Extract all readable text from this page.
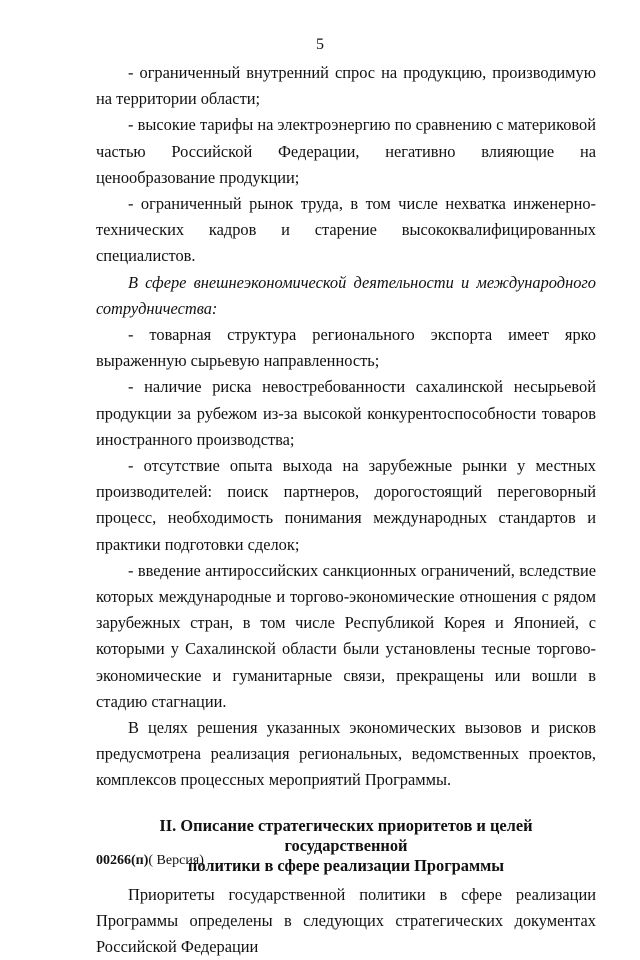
5

- ограниченный внутренний спрос на продукцию, производимую на территории области;

- высокие тарифы на электроэнергию по сравнению с материковой частью Российской Федерации, негативно влияющие на ценообразование продукции;

- ограниченный рынок труда, в том числе нехватка инженерно-технических кадров и старение высококвалифицированных специалистов.

В сфере внешнеэкономической деятельности и международного сотрудничества:

- товарная структура регионального экспорта имеет ярко выраженную сырьевую направленность;

- наличие риска невостребованности сахалинской несырьевой продукции за рубежом из-за высокой конкурентоспособности товаров иностранного производства;

- отсутствие опыта выхода на зарубежные рынки у местных производителей: поиск партнеров, дорогостоящий переговорный процесс, необходимость понимания международных стандартов и практики подготовки сделок;

- введение антироссийских санкционных ограничений, вследствие которых международные и торгово-экономические отношения с рядом зарубежных стран, в том числе Республикой Корея и Японией, с которыми у Сахалинской области были установлены тесные торгово-экономические и гуманитарные связи, прекращены или вошли в стадию стагнации.

В целях решения указанных экономических вызовов и рисков предусмотрена реализация региональных, ведомственных проектов, комплексов процессных мероприятий Программы.

II. Описание стратегических приоритетов и целей государственной
политики в сфере реализации Программы

Приоритеты государственной политики в сфере реализации Программы определены в следующих стратегических документах Российской Федерации

00266(п)( Версия)
